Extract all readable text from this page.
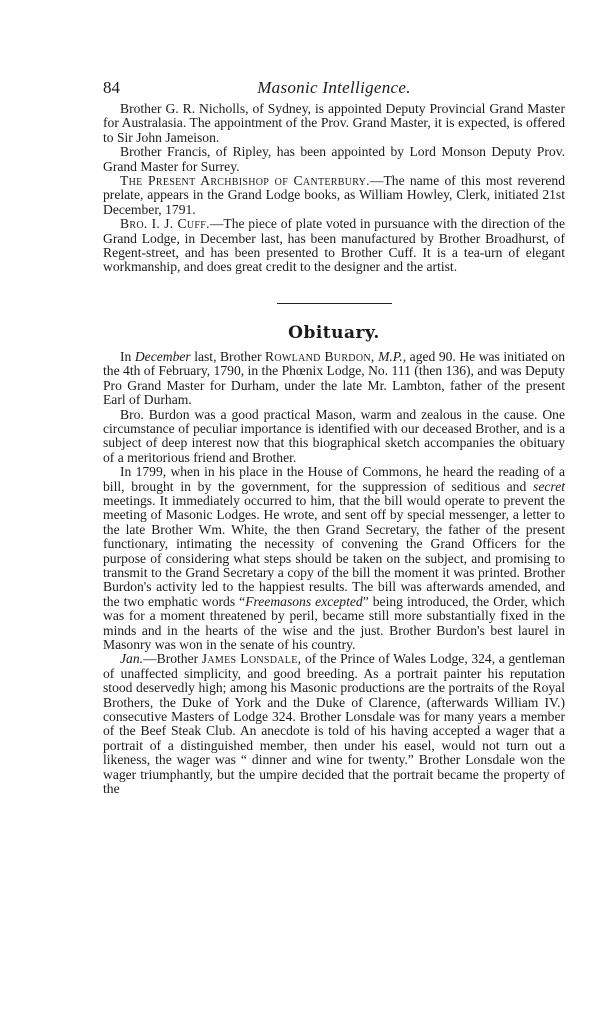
84	Masonic Intelligence.

Brother G. R. Nicholls, of Sydney, is appointed Deputy Provincial Grand Master for Australasia. The appointment of the Prov. Grand Master, it is expected, is offered to Sir John Jameison.

Brother Francis, of Ripley, has been appointed by Lord Monson Deputy Prov. Grand Master for Surrey.

The Present Archbishop of Canterbury.—The name of this most reverend prelate, appears in the Grand Lodge books, as William Howley, Clerk, initiated 21st December, 1791.

Bro. I. J. Cuff.—The piece of plate voted in pursuance with the direction of the Grand Lodge, in December last, has been manufactured by Brother Broadhurst, of Regent-street, and has been presented to Brother Cuff. It is a tea-urn of elegant workmanship, and does great credit to the designer and the artist.

Obituary.

In December last, Brother Rowland Burdon, M.P., aged 90. He was initiated on the 4th of February, 1790, in the Phœnix Lodge, No. 111 (then 136), and was Deputy Pro Grand Master for Durham, under the late Mr. Lambton, father of the present Earl of Durham.

Bro. Burdon was a good practical Mason, warm and zealous in the cause. One circumstance of peculiar importance is identified with our deceased Brother, and is a subject of deep interest now that this biographical sketch accompanies the obituary of a meritorious friend and Brother.

In 1799, when in his place in the House of Commons, he heard the reading of a bill, brought in by the government, for the suppression of seditious and secret meetings. It immediately occurred to him, that the bill would operate to prevent the meeting of Masonic Lodges. He wrote, and sent off by special messenger, a letter to the late Brother Wm. White, the then Grand Secretary, the father of the present functionary, intimating the necessity of convening the Grand Officers for the purpose of considering what steps should be taken on the subject, and promising to transmit to the Grand Secretary a copy of the bill the moment it was printed. Brother Burdon's activity led to the happiest results. The bill was afterwards amended, and the two emphatic words “Freemasons excepted” being introduced, the Order, which was for a moment threatened by peril, became still more substantially fixed in the minds and in the hearts of the wise and the just. Brother Burdon's best laurel in Masonry was won in the senate of his country.

Jan.—Brother James Lonsdale, of the Prince of Wales Lodge, 324, a gentleman of unaffected simplicity, and good breeding. As a portrait painter his reputation stood deservedly high; among his Masonic productions are the portraits of the Royal Brothers, the Duke of York and the Duke of Clarence, (afterwards William IV.) consecutive Masters of Lodge 324. Brother Lonsdale was for many years a member of the Beef Steak Club. An anecdote is told of his having accepted a wager that a portrait of a distinguished member, then under his easel, would not turn out a likeness, the wager was “ dinner and wine for twenty.” Brother Lonsdale won the wager triumphantly, but the umpire decided that the portrait became the property of the
